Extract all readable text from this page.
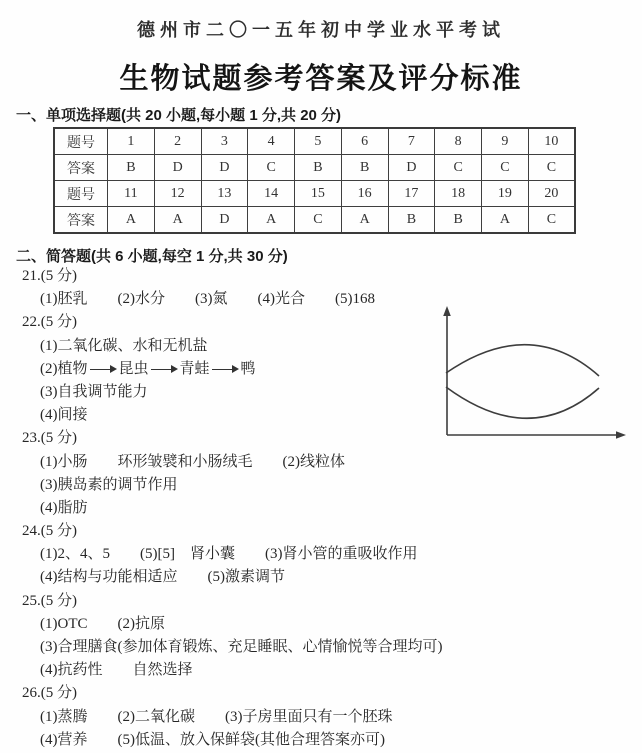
德州市二〇一五年初中学业水平考试
生物试题参考答案及评分标准
一、单项选择题(共 20 小题,每小题 1 分,共 20 分)
题号	1	2	3	4	5	6	7	8	9	10
答案	B	D	D	C	B	B	D	C	C	C
题号	11	12	13	14	15	16	17	18	19	20
答案	A	A	D	A	C	A	B	B	A	C
二、简答题(共 6 小题,每空 1 分,共 30 分)
21.(5 分)
(1)胚乳 (2)水分 (3)氮 (4)光合 (5)168
22.(5 分)
(1)二氧化碳、水和无机盐
(2)植物 昆虫 青蛙 鸭
(3)自我调节能力
(4)间接
23.(5 分)
(1)小肠 环形皱襞和小肠绒毛 (2)线粒体
(3)胰岛素的调节作用
(4)脂肪
24.(5 分)
(1)2、4、5 (5)[5]　肾小囊 (3)肾小管的重吸收作用
(4)结构与功能相适应 (5)激素调节
25.(5 分)
(1)OTC (2)抗原
(3)合理膳食(参加体育锻炼、充足睡眠、心情愉悦等合理均可)
(4)抗药性 自然选择
26.(5 分)
(1)蒸腾 (2)二氧化碳 (3)子房里面只有一个胚珠
(4)营养 (5)低温、放入保鲜袋(其他合理答案亦可)
